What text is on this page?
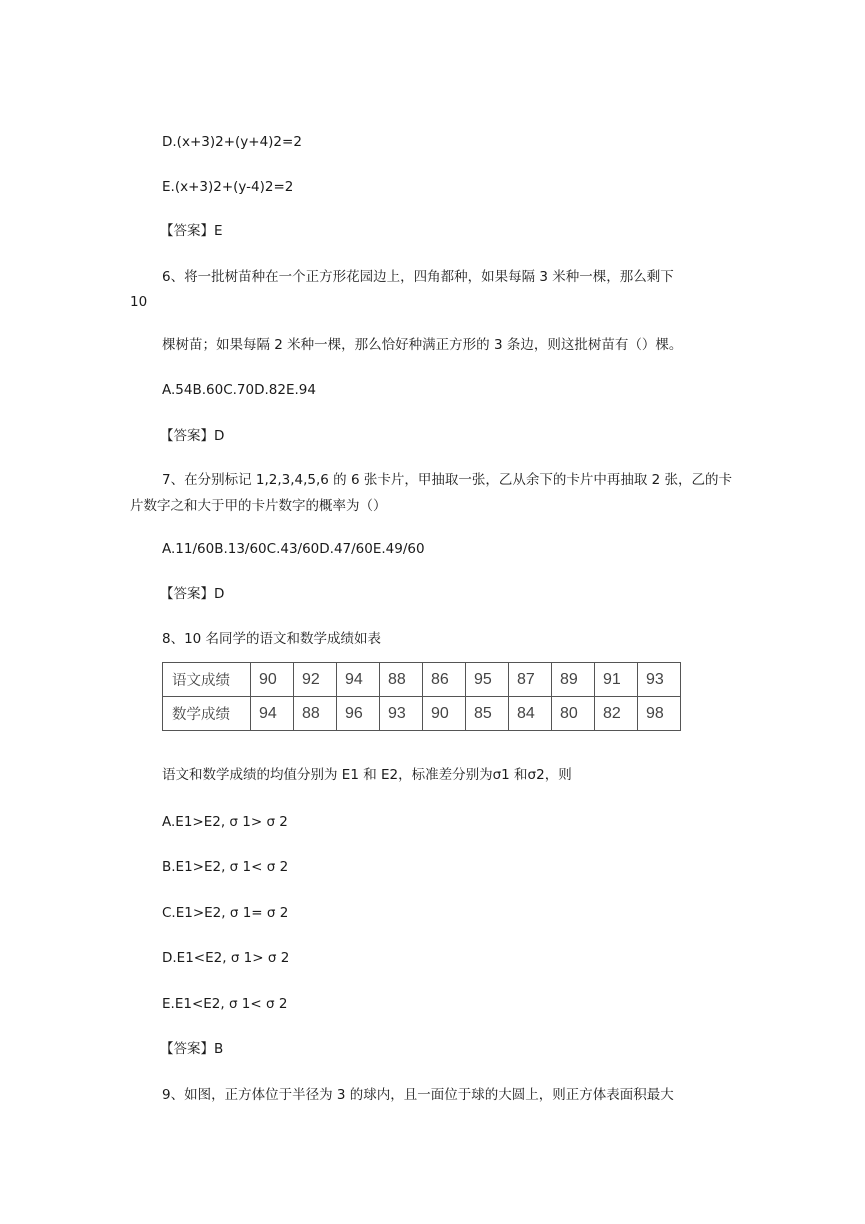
D.(x+3)2+(y+4)2=2
E.(x+3)2+(y-4)2=2
【答案】E
6、将一批树苗种在一个正方形花园边上，四角都种，如果每隔 3 米种一棵，那么剩下
10
棵树苗；如果每隔 2 米种一棵，那么恰好种满正方形的 3 条边，则这批树苗有（）棵。
A.54B.60C.70D.82E.94
【答案】D
7、在分别标记 1,2,3,4,5,6 的 6 张卡片，甲抽取一张，乙从余下的卡片中再抽取 2 张，乙的卡片数字之和大于甲的卡片数字的概率为（）
A.11/60B.13/60C.43/60D.47/60E.49/60
【答案】D
8、10 名同学的语文和数学成绩如表
语文成绩	90	92	94	88	86	95	87	89	91	93
数学成绩	94	88	96	93	90	85	84	80	82	98
语文和数学成绩的均值分别为 E1 和 E2，标准差分别为σ1 和σ2，则
A.E1>E2, σ 1> σ 2
B.E1>E2, σ 1< σ 2
C.E1>E2, σ 1= σ 2
D.E1<E2, σ 1> σ 2
E.E1<E2, σ 1< σ 2
【答案】B
9、如图，正方体位于半径为 3 的球内，且一面位于球的大圆上，则正方体表面积最大
